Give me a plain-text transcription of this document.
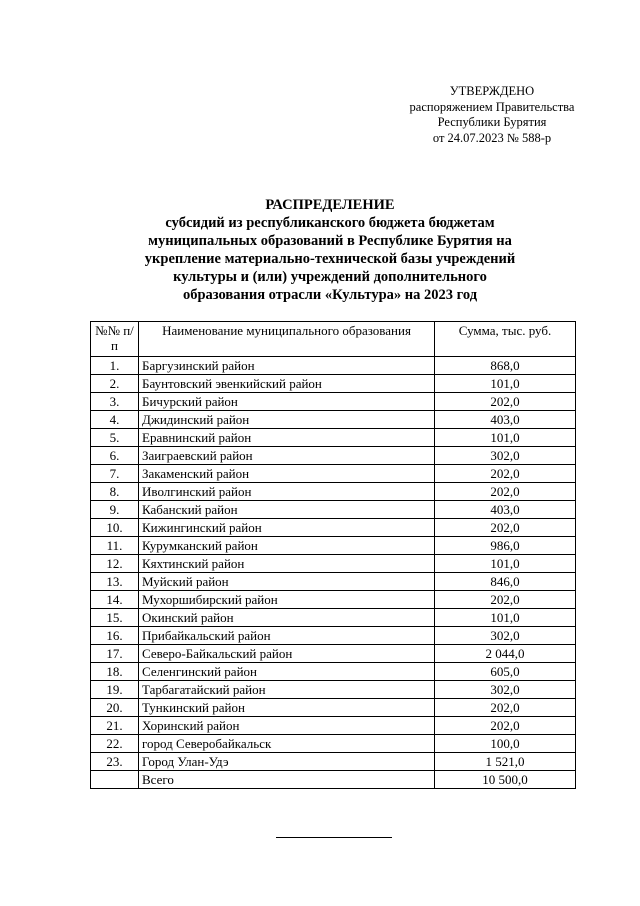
УТВЕРЖДЕНО
распоряжением Правительства
Республики Бурятия
от 24.07.2023 № 588-р
РАСПРЕДЕЛЕНИЕ
субсидий из республиканского бюджета бюджетам
муниципальных образований в Республике Бурятия на
укрепление материально-технической базы учреждений
культуры и (или) учреждений дополнительного
образования отрасли «Культура» на 2023 год
№№ п/п	Наименование муниципального образования	Сумма, тыс. руб.
1.	Баргузинский район	868,0
2.	Баунтовский эвенкийский район	101,0
3.	Бичурский район	202,0
4.	Джидинский район	403,0
5.	Еравнинский район	101,0
6.	Заиграевский район	302,0
7.	Закаменский район	202,0
8.	Иволгинский район	202,0
9.	Кабанский район	403,0
10.	Кижингинский район	202,0
11.	Курумканский район	986,0
12.	Кяхтинский район	101,0
13.	Муйский район	846,0
14.	Мухоршибирский район	202,0
15.	Окинский район	101,0
16.	Прибайкальский район	302,0
17.	Северо-Байкальский район	2 044,0
18.	Селенгинский район	605,0
19.	Тарбагатайский район	302,0
20.	Тункинский район	202,0
21.	Хоринский район	202,0
22.	город Северобайкальск	100,0
23.	Город Улан-Удэ	1 521,0
	Всего	10 500,0
